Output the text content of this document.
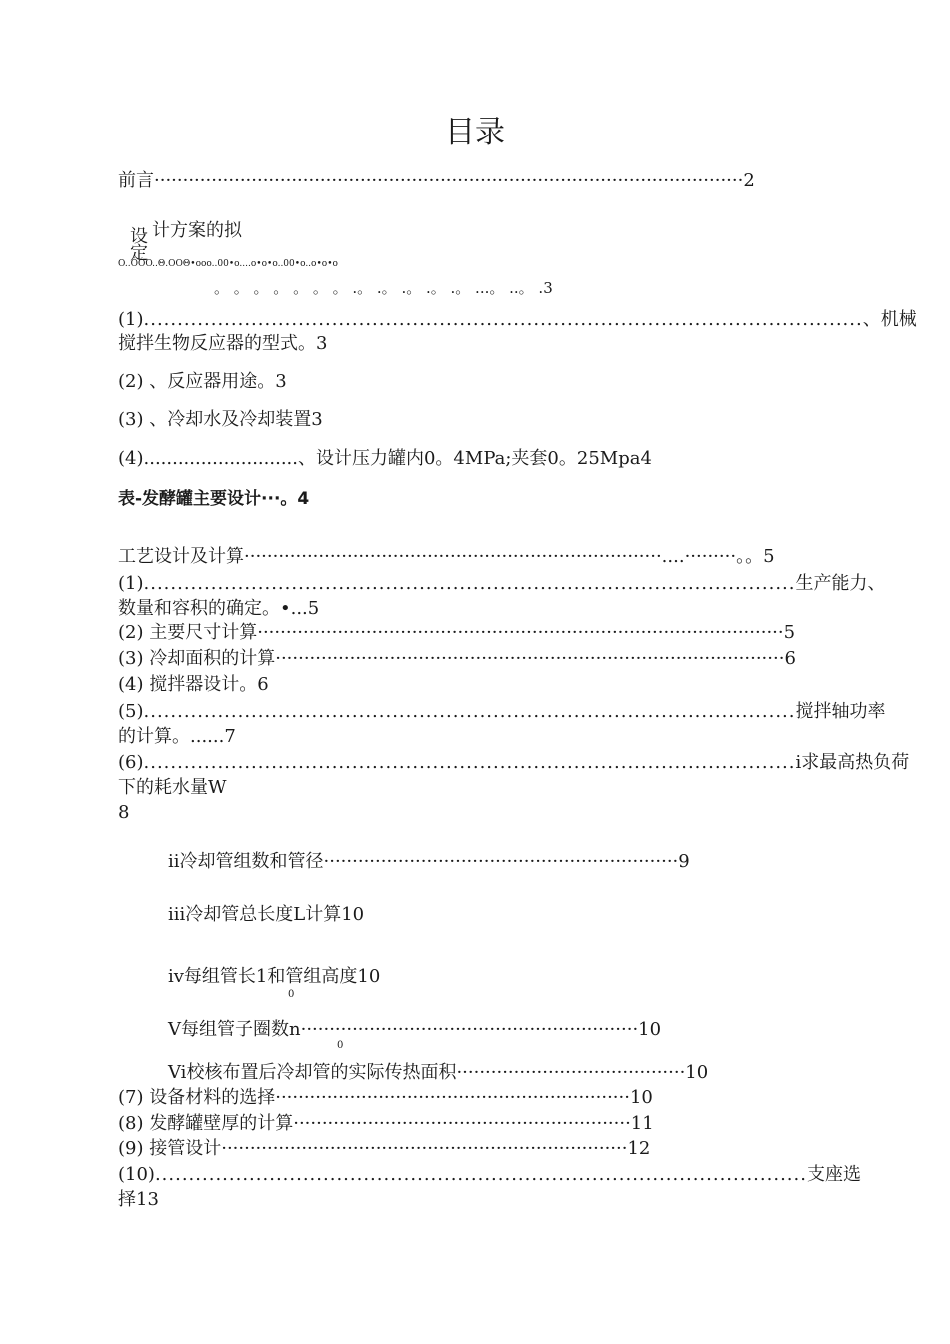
目录
前言·······································································································2
设 计方案的拟
定
O..ÓÓO..Θ.OOΘ•ooo..00•o....o•o•o..00•o..o•o•o
。 。 。 。 。 。 。 .。 .。 .。 .。 .。 ...。 ..。 .3
(1) ........................................................................................................... 、机械
搅拌生物反应器的型式。3
(2) 、反应器用途。3
(3) 、冷却水及冷却装置3
(4)...........................、设计压力罐内0。4MPa;夹套0。25Mpa4
表-发酵罐主要设计···。4
工艺设计及计算·········································································....·········。。5
(1) ................................................................................................. 生产能力、
数量和容积的确定。•...5
(2) 主要尺寸计算····························································································5
(3) 冷却面积的计算·························································································6
(4) 搅拌器设计。6
(5) ................................................................................................. 搅拌轴功率
的计算。......7
(6) ................................................................................................. i求最高热负荷
下的耗水量W
8
ii冷却管组数和管径······························································9
iii冷却管总长度L计算10
iv每组管长1和管组高度10
0
V每组管子圈数n···························································10
0
Vi校核布置后冷却管的实际传热面积········································10
(7) 设备材料的选择······························································10
(8) 发酵罐壁厚的计算···························································11
(9) 接管设计·······································································12
(10) ................................................................................................. 支座选
择13
